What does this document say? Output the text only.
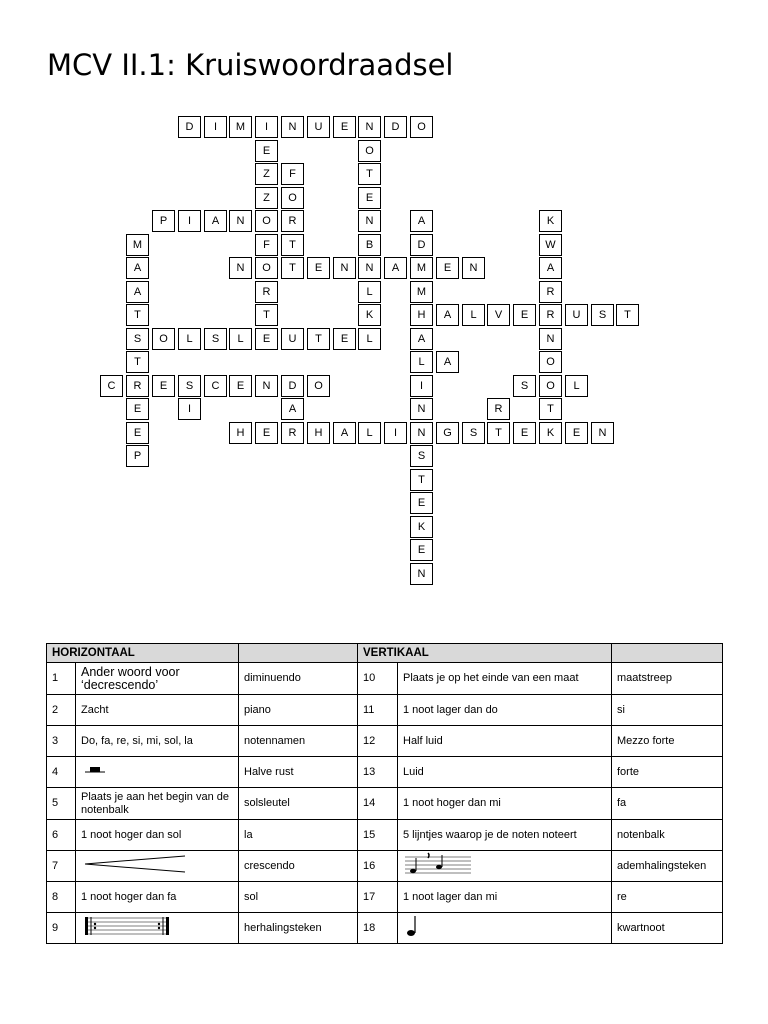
MCV II.1: Kruiswoordraadsel
D	I	M	I	N	U	E	N	D	O
P	I	A	N	O
N	O	T	E	N	N	A	M	E	N
H	A	L	V	E	R	U	S	T
S	O	L	S	L	E	U	T	E	L
L	A
C	R	E	S	C	E	N	D	O	S	O	L
H	E	R	H	A	L	I	N	G	S	T	E	K	E	N
M
A
A
T
T
E
E
P
I
E
Z
Z
F
R
T
F
O
R
T
A
O
T
E
N
B
L
K
A
D
M
A
I
N
S
T
E
K
E
N
R
K
W
A
R
N
O
T
HORIZONTAAL			VERTIKAAL		
1	Ander woord voor ‘decrescendo’	diminuendo	10	Plaats je op het einde van een maat	maatstreep
2	Zacht	piano	11	1 noot lager dan do	si
3	Do, fa, re, si, mi, sol, la	notennamen	12	Half luid	Mezzo forte
4		Halve rust	13	Luid	forte
5	Plaats je aan het begin van de notenbalk	solsleutel	14	1 noot hoger dan mi	fa
6	1 noot hoger dan sol	la	15	5 lijntjes waarop je de noten noteert	notenbalk
7		crescendo	16		ademhalingsteken
8	1 noot hoger dan fa	sol	17	1 noot lager dan mi	re
9		herhalingsteken	18		kwartnoot
